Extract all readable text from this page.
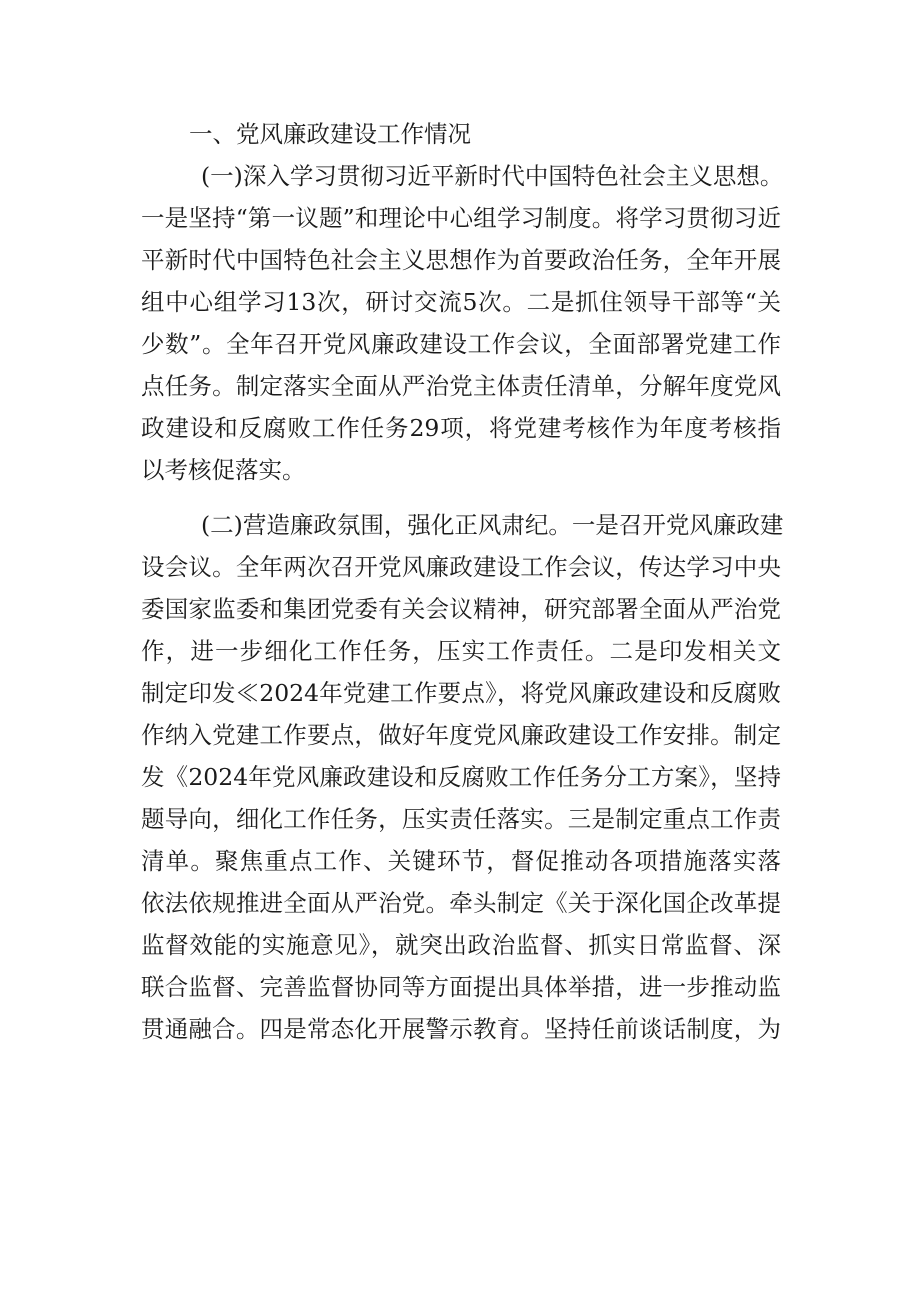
一、党风廉政建设工作情况
(一)深入学习贯彻习近平新时代中国特色社会主义思想。
一是坚持“第一议题”和理论中心组学习制度。将学习贯彻习近
平新时代中国特色社会主义思想作为首要政治任务，全年开展
组中心组学习13次，研讨交流5次。二是抓住领导干部等“关
少数”。全年召开党风廉政建设工作会议，全面部署党建工作
点任务。制定落实全面从严治党主体责任清单，分解年度党风
政建设和反腐败工作任务29项，将党建考核作为年度考核指
以考核促落实。
(二)营造廉政氛围，强化正风肃纪。一是召开党风廉政建
设会议。全年两次召开党风廉政建设工作会议，传达学习中央
委国家监委和集团党委有关会议精神，研究部署全面从严治党
作，进一步细化工作任务，压实工作责任。二是印发相关文
制定印发≪2024年党建工作要点》，将党风廉政建设和反腐败
作纳入党建工作要点，做好年度党风廉政建设工作安排。制定
发《2024年党风廉政建设和反腐败工作任务分工方案》，坚持
题导向，细化工作任务，压实责任落实。三是制定重点工作责
清单。聚焦重点工作、关键环节，督促推动各项措施落实落
依法依规推进全面从严治党。牵头制定《关于深化国企改革提
监督效能的实施意见》，就突出政治监督、抓实日常监督、深
联合监督、完善监督协同等方面提出具体举措，进一步推动监
贯通融合。四是常态化开展警示教育。坚持任前谈话制度，为
